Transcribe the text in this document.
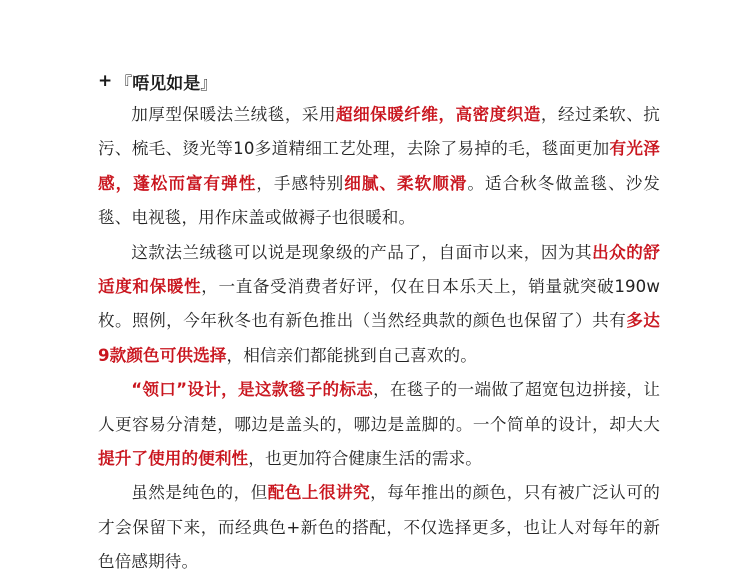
+ 『 唔见如是 』

加厚型保暖法兰绒毯，采用超细保暖纤维，高密度织造，经过柔软、抗污、梳毛、烫光等10多道精细工艺处理，去除了易掉的毛，毯面更加有光泽感，蓬松而富有弹性，手感特别细腻、柔软顺滑。适合秋冬做盖毯、沙发毯、电视毯，用作床盖或做褥子也很暖和。

这款法兰绒毯可以说是现象级的产品了，自面市以来，因为其出众的舒适度和保暖性，一直备受消费者好评，仅在日本乐天上，销量就突破190w枚。照例，今年秋冬也有新色推出（当然经典款的颜色也保留了）共有多达9款颜色可供选择，相信亲们都能挑到自己喜欢的。

“领口”设计，是这款毯子的标志，在毯子的一端做了超宽包边拼接，让人更容易分清楚，哪边是盖头的，哪边是盖脚的。一个简单的设计，却大大提升了使用的便利性，也更加符合健康生活的需求。

虽然是纯色的，但配色上很讲究，每年推出的颜色，只有被广泛认可的才会保留下来，而经典色+新色的搭配，不仅选择更多，也让人对每年的新色倍感期待。
